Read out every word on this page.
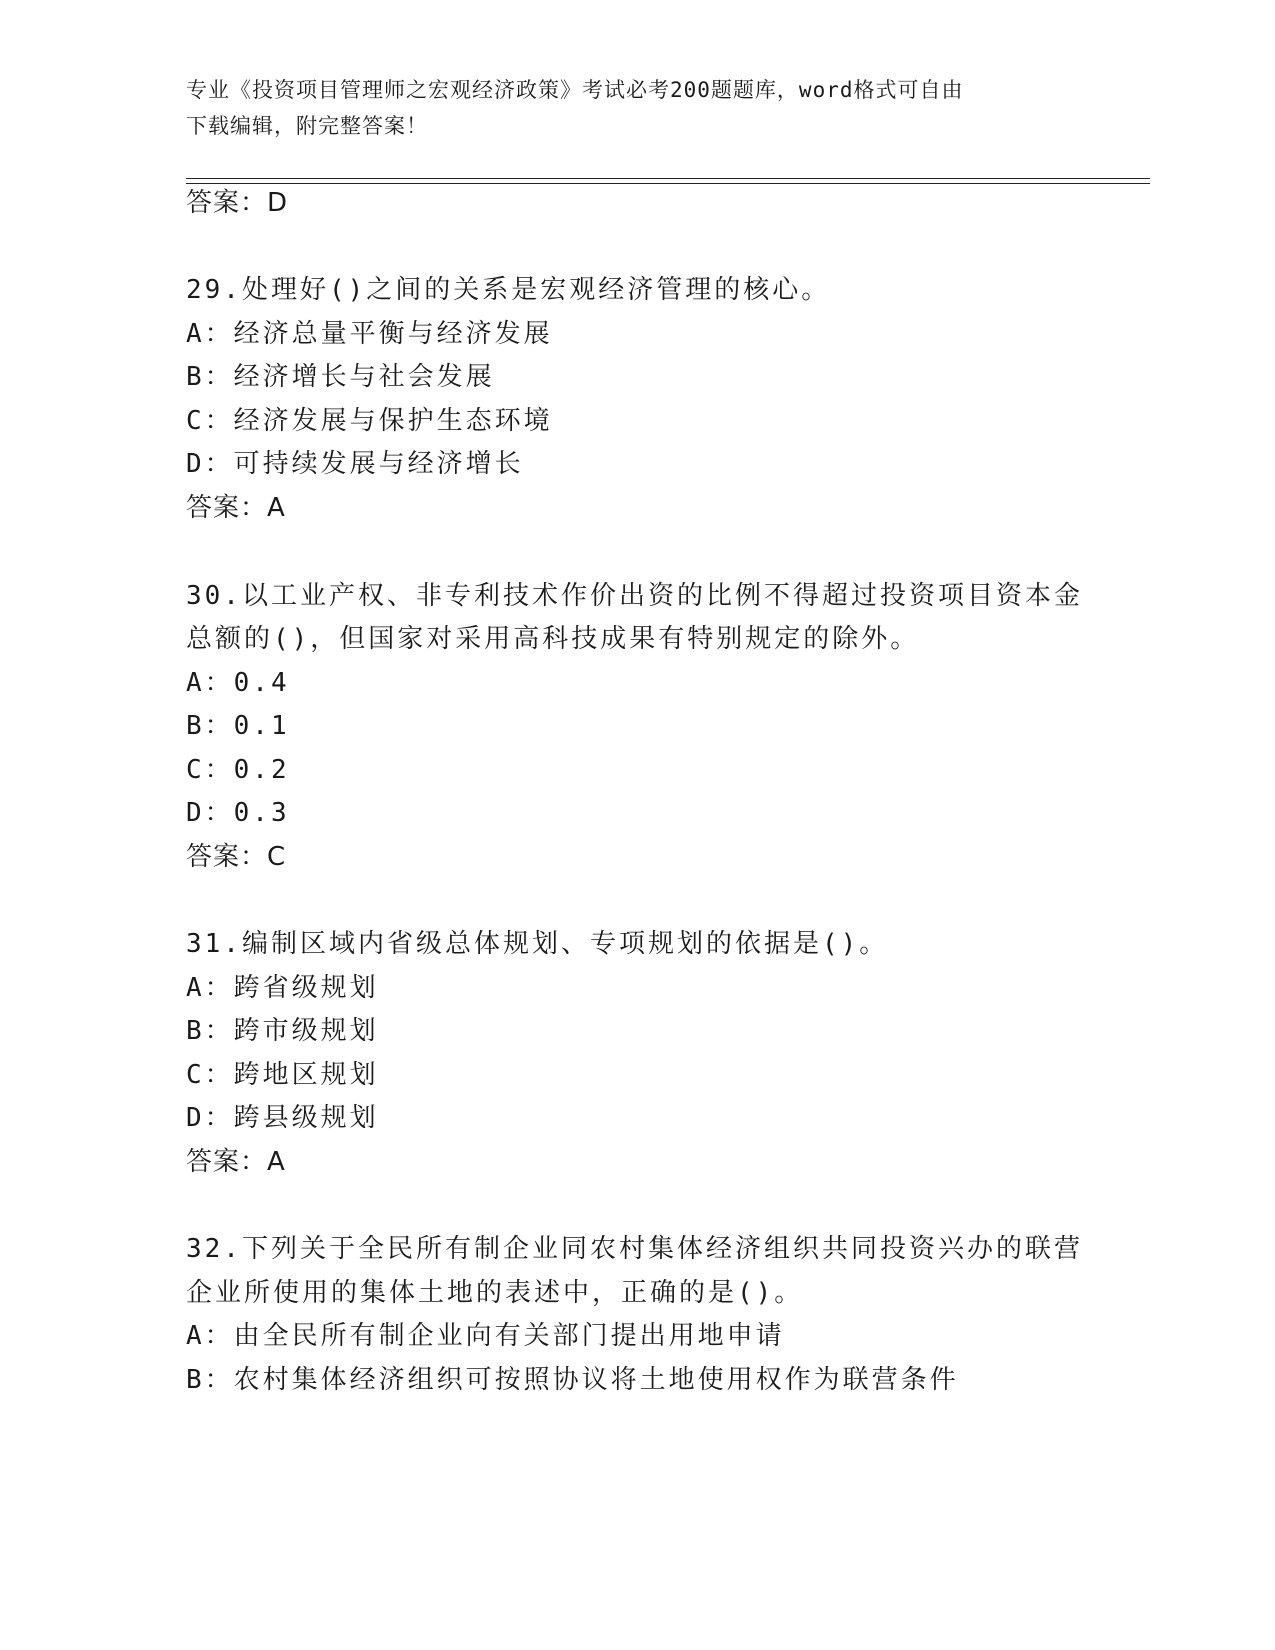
专业《投资项目管理师之宏观经济政策》考试必考200题题库，word格式可自由
下载编辑，附完整答案！
答案：D
29.处理好()之间的关系是宏观经济管理的核心。
A：经济总量平衡与经济发展
B：经济增长与社会发展
C：经济发展与保护生态环境
D：可持续发展与经济增长
答案：A
30.以工业产权、非专利技术作价出资的比例不得超过投资项目资本金
总额的()，但国家对采用高科技成果有特别规定的除外。
A：0.4
B：0.1
C：0.2
D：0.3
答案：C
31.编制区域内省级总体规划、专项规划的依据是()。
A：跨省级规划
B：跨市级规划
C：跨地区规划
D：跨县级规划
答案：A
32.下列关于全民所有制企业同农村集体经济组织共同投资兴办的联营
企业所使用的集体土地的表述中，正确的是()。
A：由全民所有制企业向有关部门提出用地申请
B：农村集体经济组织可按照协议将土地使用权作为联营条件
